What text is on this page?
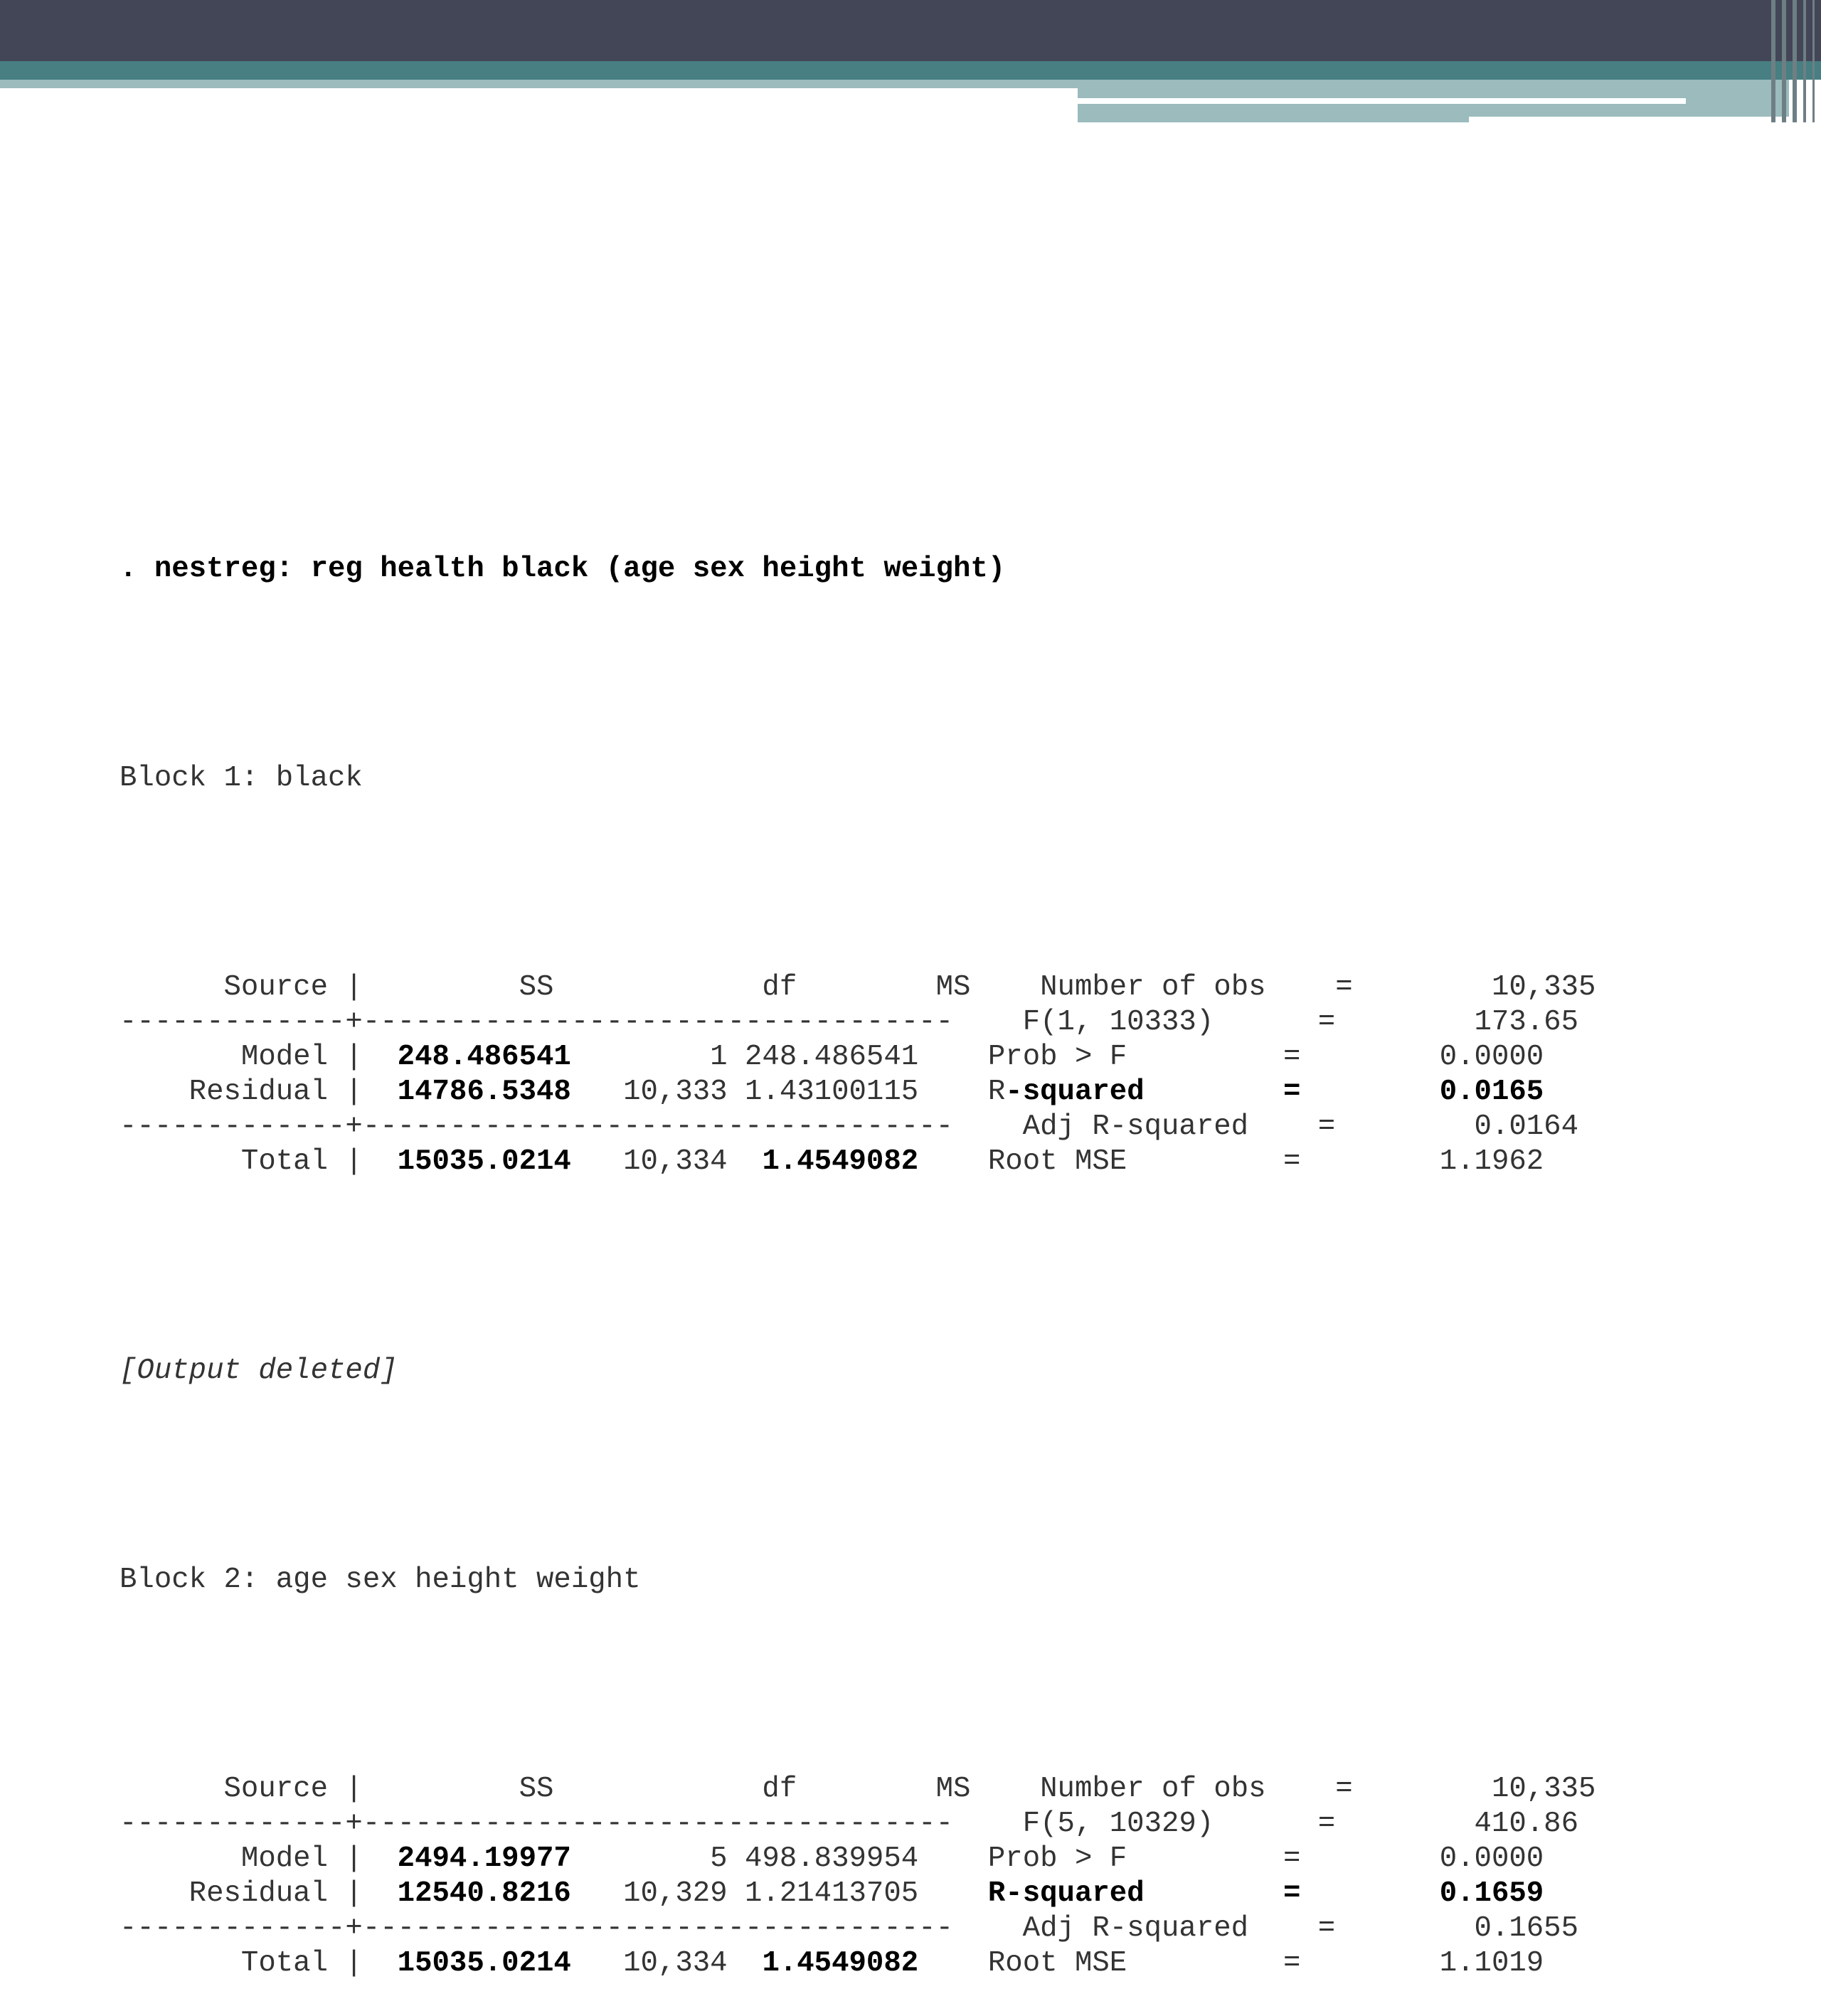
. nestreg: reg health black (age sex height weight)

Block 1: black

Source |         SS            df        MS Number of obs    =        10,335
-------------+---------------------------------- F(1, 10333)      =        173.65
Model |  248.486541        1 248.486541 Prob > F         =        0.0000
Residual |  14786.5348   10,333 1.43100115 R-squared	=        0.0165
-------------+---------------------------------- Adj R-squared    =        0.0164
Total |  15035.0214   10,334 1.4549082 Root MSE         =        1.1962

[Output deleted]

Block 2: age sex height weight

Source |         SS            df        MS Number of obs    =        10,335
-------------+---------------------------------- F(5, 10329)      =        410.86
Model |  2494.19977        5 498.839954 Prob > F         =        0.0000
Residual |  12540.8216   10,329 1.21413705 R-squared        =        0.1659
-------------+---------------------------------- Adj R-squared    =        0.1655
Total |  15035.0214   10,334 1.4549082 Root MSE         =        1.1019
